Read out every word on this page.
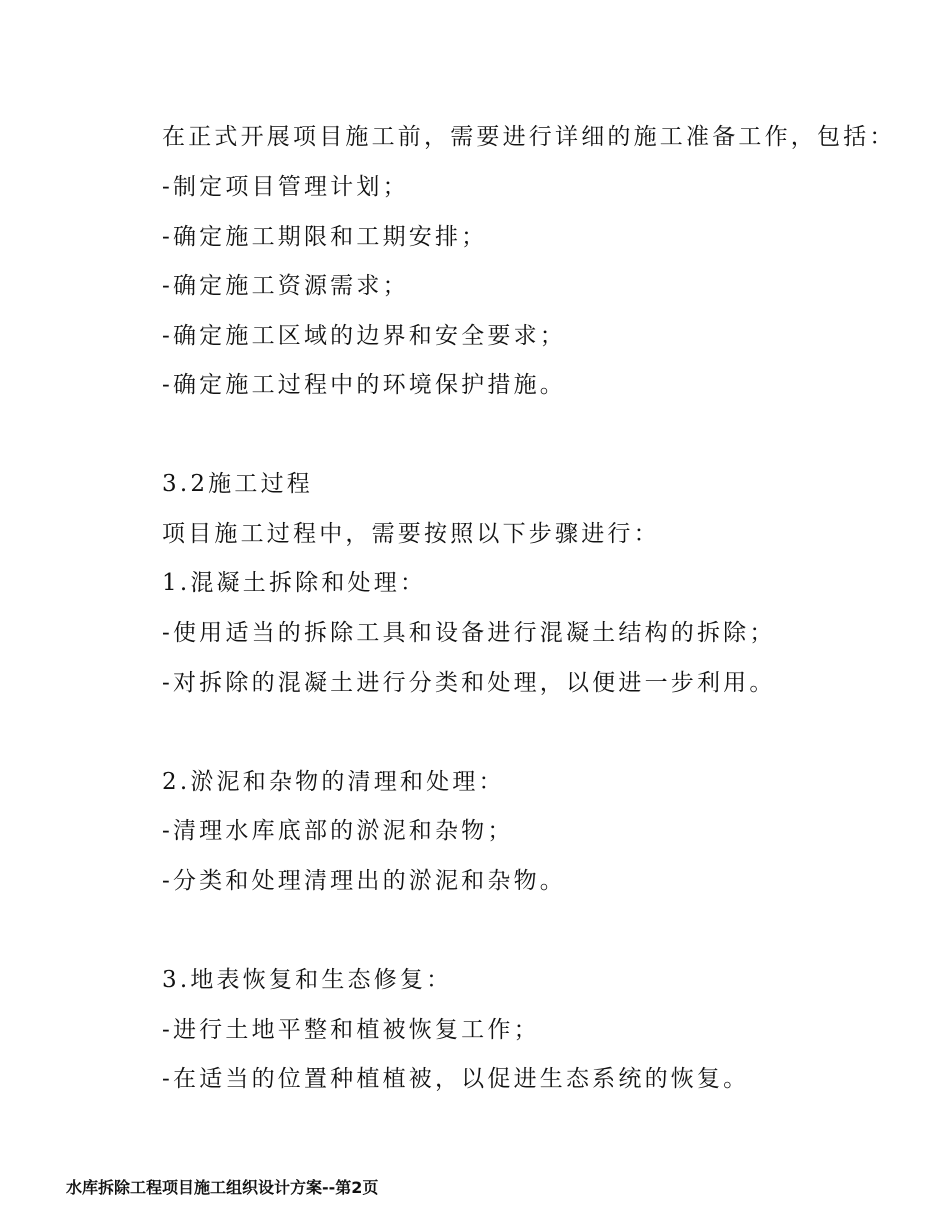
在正式开展项目施工前，需要进行详细的施工准备工作，包括：
-制定项目管理计划；
-确定施工期限和工期安排；
-确定施工资源需求；
-确定施工区域的边界和安全要求；
-确定施工过程中的环境保护措施。
3.2施工过程
项目施工过程中，需要按照以下步骤进行：
1.混凝土拆除和处理：
-使用适当的拆除工具和设备进行混凝土结构的拆除；
-对拆除的混凝土进行分类和处理，以便进一步利用。
2.淤泥和杂物的清理和处理：
-清理水库底部的淤泥和杂物；
-分类和处理清理出的淤泥和杂物。
3.地表恢复和生态修复：
-进行土地平整和植被恢复工作；
-在适当的位置种植植被，以促进生态系统的恢复。
水库拆除工程项目施工组织设计方案--第2页
